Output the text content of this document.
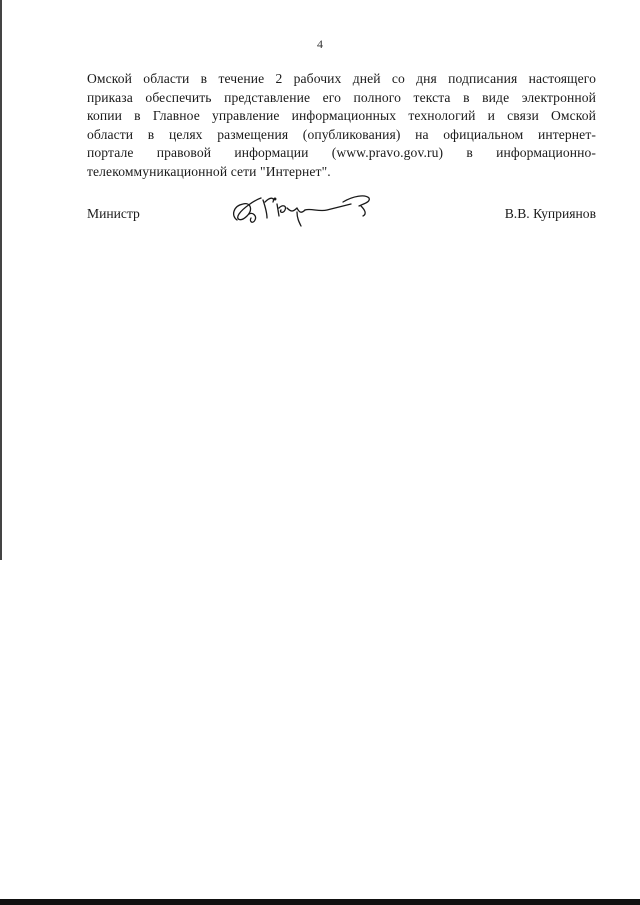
4
Омской области в течение 2 рабочих дней со дня подписания настоящего
приказа обеспечить представление его полного текста в виде электронной
копии в Главное управление информационных технологий и связи Омской
области в целях размещения (опубликования) на официальном интернет-
портале правовой информации (www.pravo.gov.ru) в информационно-
телекоммуникационной сети "Интернет".
Министр	В.В. Куприянов
